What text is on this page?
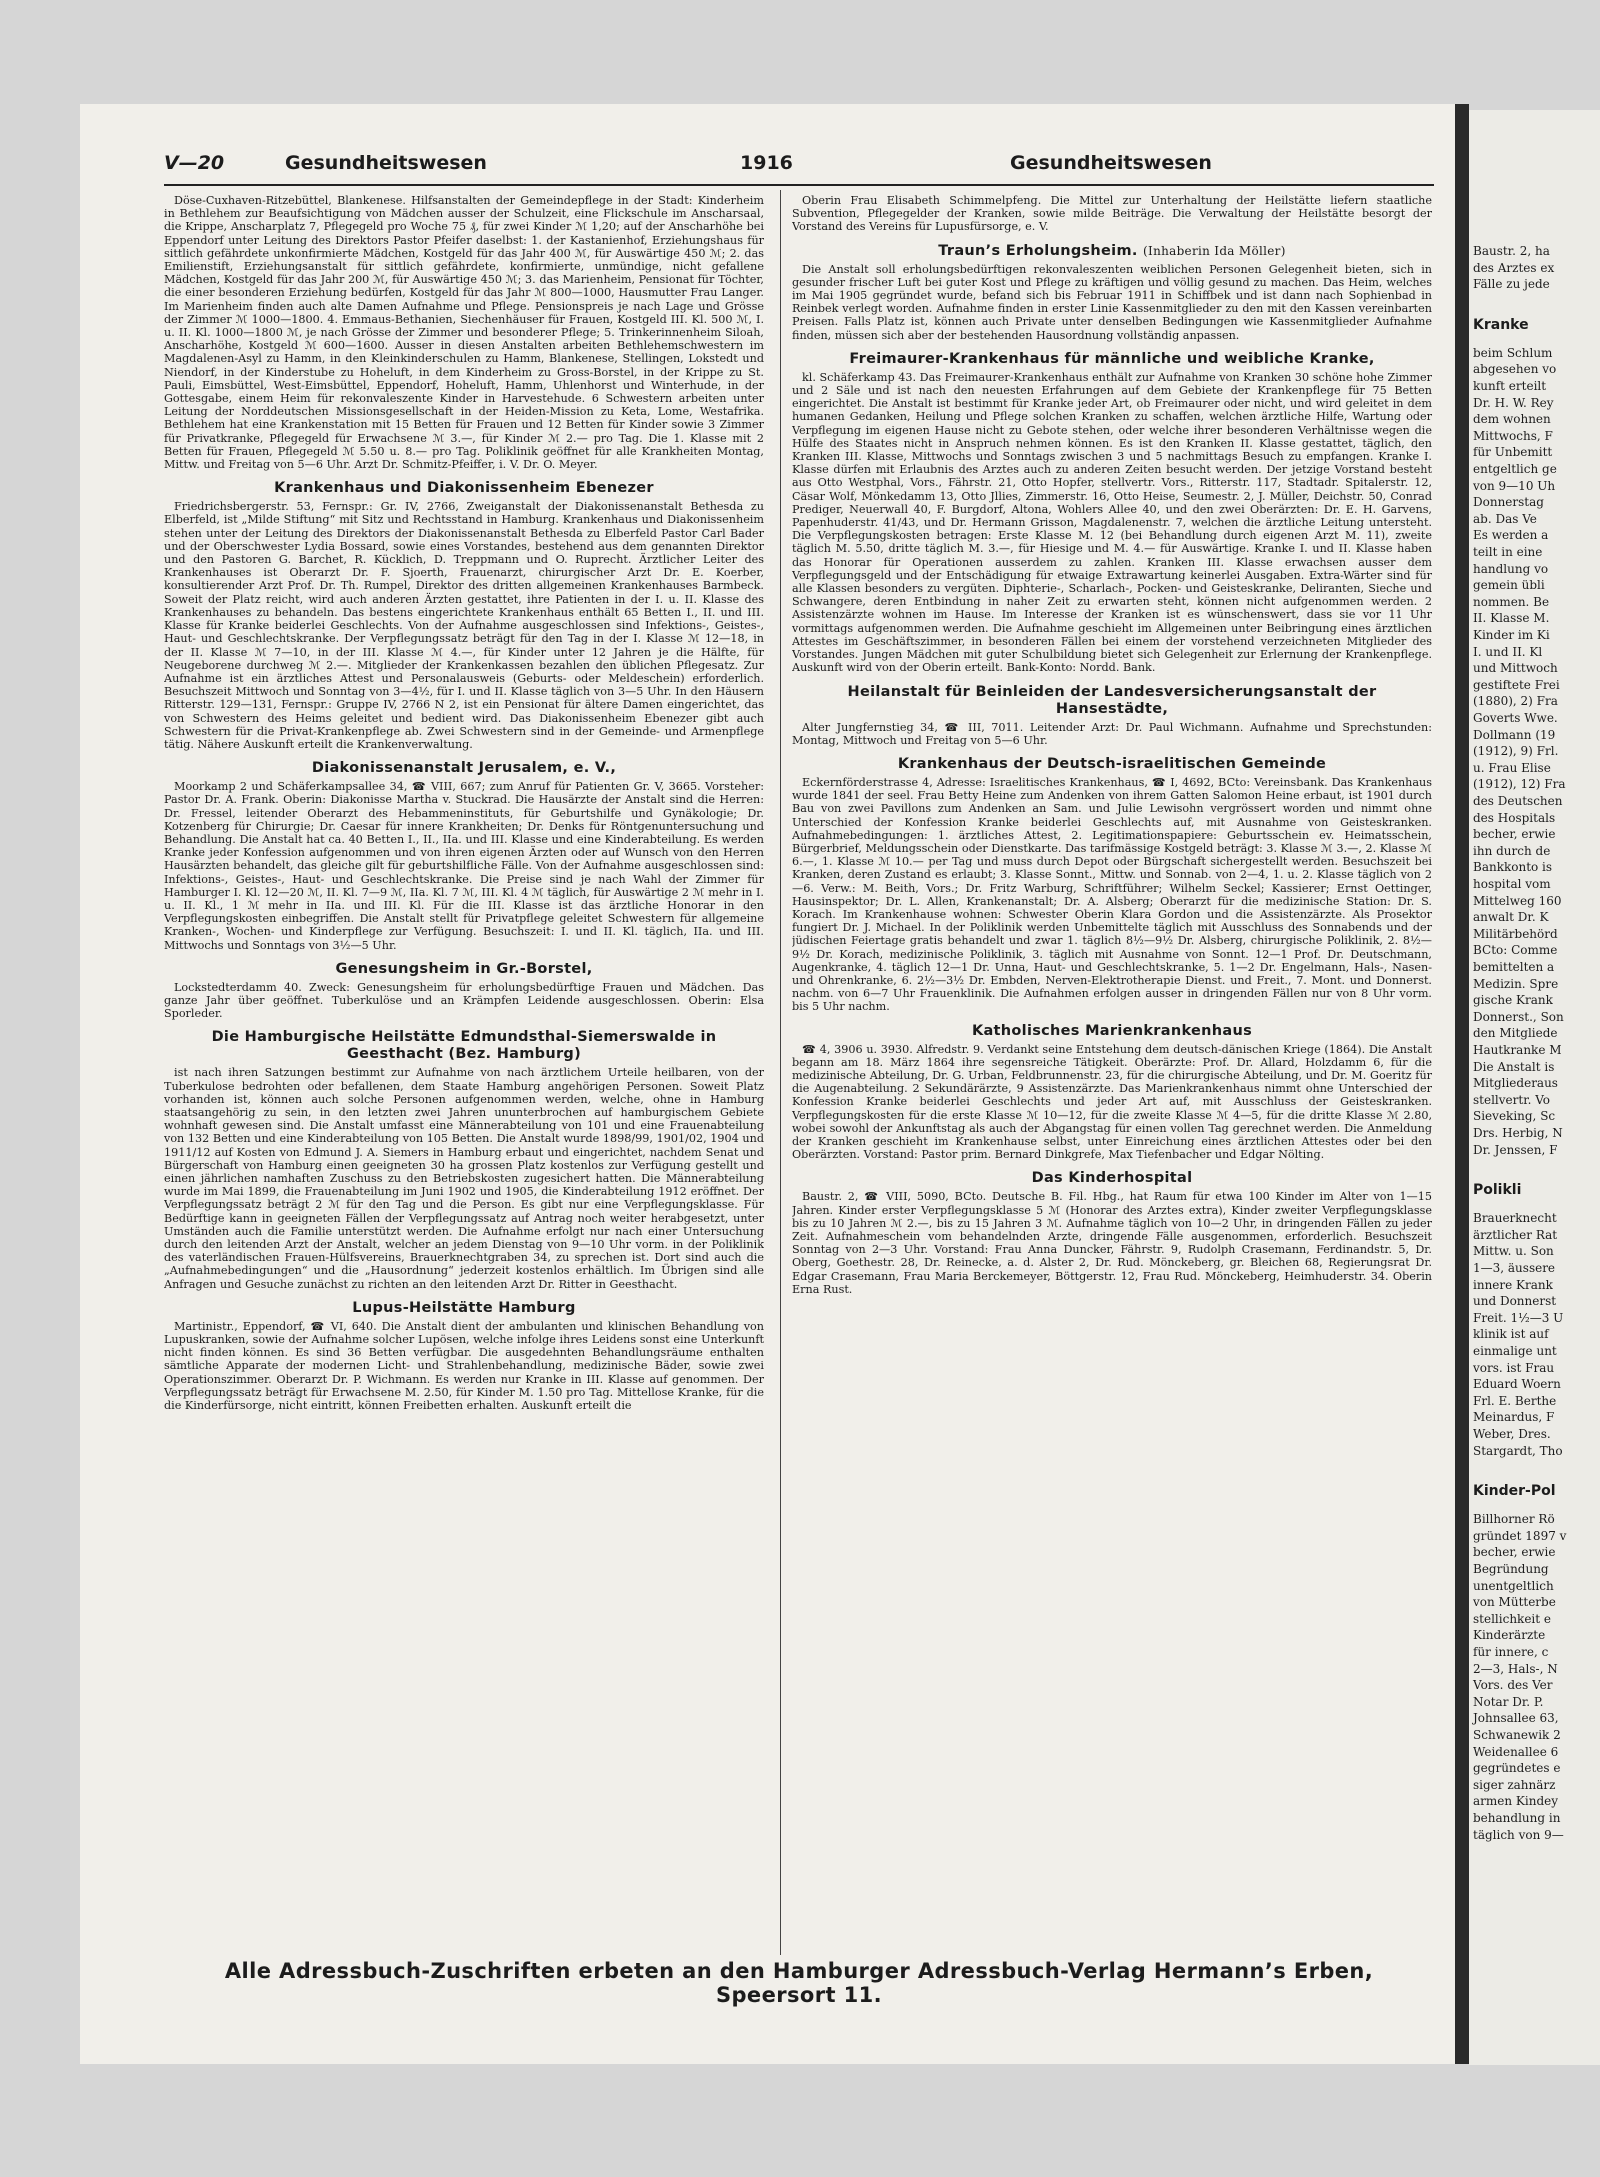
V—20	Gesundheitswesen	1916	Gesundheitswesen

Döse-Cuxhaven-Ritzebüttel, Blankenese. Hilfsanstalten der Gemeindepflege in der Stadt: Kinderheim in Bethlehem zur Beaufsichtigung von Mädchen ausser der Schulzeit, eine Flickschule im Anscharsaal, die Krippe, Anscharplatz 7, Pflegegeld pro Woche 75 ₰, für zwei Kinder ℳ 1,20; auf der Anscharhöhe bei Eppendorf unter Leitung des Direktors Pastor Pfeifer daselbst: 1. der Kastanienhof, Erziehungshaus für sittlich gefährdete unkonfirmierte Mädchen, Kostgeld für das Jahr 400 ℳ, für Auswärtige 450 ℳ; 2. das Emilienstift, Erziehungsanstalt für sittlich gefährdete, konfirmierte, unmündige, nicht gefallene Mädchen, Kostgeld für das Jahr 200 ℳ, für Auswärtige 450 ℳ; 3. das Marienheim, Pensionat für Töchter, die einer besonderen Erziehung bedürfen, Kostgeld für das Jahr ℳ 800—1000, Hausmutter Frau Langer. Im Marienheim finden auch alte Damen Aufnahme und Pflege. Pensionspreis je nach Lage und Grösse der Zimmer ℳ 1000—1800. 4. Emmaus-Bethanien, Siechenhäuser für Frauen, Kostgeld III. Kl. 500 ℳ, I. u. II. Kl. 1000—1800 ℳ, je nach Grösse der Zimmer und besonderer Pflege; 5. Trinkerinnenheim Siloah, Anscharhöhe, Kostgeld ℳ 600—1600. Ausser in diesen Anstalten arbeiten Bethlehemschwestern im Magdalenen-Asyl zu Hamm, in den Kleinkinderschulen zu Hamm, Blankenese, Stellingen, Lokstedt und Niendorf, in der Kinderstube zu Hoheluft, in dem Kinderheim zu Gross-Borstel, in der Krippe zu St. Pauli, Eimsbüttel, West-Eimsbüttel, Eppendorf, Hoheluft, Hamm, Uhlenhorst und Winterhude, in der Gottesgabe, einem Heim für rekonvaleszente Kinder in Harvestehude. 6 Schwestern arbeiten unter Leitung der Norddeutschen Missionsgesellschaft in der Heiden-Mission zu Keta, Lome, Westafrika. Bethlehem hat eine Krankenstation mit 15 Betten für Frauen und 12 Betten für Kinder sowie 3 Zimmer für Privatkranke, Pflegegeld für Erwachsene ℳ 3.—, für Kinder ℳ 2.— pro Tag. Die 1. Klasse mit 2 Betten für Frauen, Pflegegeld ℳ 5.50 u. 8.— pro Tag. Poliklinik geöffnet für alle Krankheiten Montag, Mittw. und Freitag von 5—6 Uhr. Arzt Dr. Schmitz-Pfeiffer, i. V. Dr. O. Meyer.

Krankenhaus und Diakonissenheim Ebenezer

Friedrichsbergerstr. 53, Fernspr.: Gr. IV, 2766, Zweiganstalt der Diakonissenanstalt Bethesda zu Elberfeld, ist „Milde Stiftung“ mit Sitz und Rechtsstand in Hamburg. Krankenhaus und Diakonissenheim stehen unter der Leitung des Direktors der Diakonissenanstalt Bethesda zu Elberfeld Pastor Carl Bader und der Oberschwester Lydia Bossard, sowie eines Vorstandes, bestehend aus dem genannten Direktor und den Pastoren G. Barchet, R. Kücklich, D. Treppmann und O. Ruprecht. Ärztlicher Leiter des Krankenhauses ist Oberarzt Dr. F. Sjoerth, Frauenarzt, chirurgischer Arzt Dr. E. Koerber, konsultierender Arzt Prof. Dr. Th. Rumpel, Direktor des dritten allgemeinen Krankenhauses Barmbeck. Soweit der Platz reicht, wird auch anderen Ärzten gestattet, ihre Patienten in der I. u. II. Klasse des Krankenhauses zu behandeln. Das bestens eingerichtete Krankenhaus enthält 65 Betten I., II. und III. Klasse für Kranke beiderlei Geschlechts. Von der Aufnahme ausgeschlossen sind Infektions-, Geistes-, Haut- und Geschlechtskranke. Der Verpflegungssatz beträgt für den Tag in der I. Klasse ℳ 12—18, in der II. Klasse ℳ 7—10, in der III. Klasse ℳ 4.—, für Kinder unter 12 Jahren je die Hälfte, für Neugeborene durchweg ℳ 2.—. Mitglieder der Krankenkassen bezahlen den üblichen Pflegesatz. Zur Aufnahme ist ein ärztliches Attest und Personalausweis (Geburts- oder Meldeschein) erforderlich. Besuchszeit Mittwoch und Sonntag von 3—4½, für I. und II. Klasse täglich von 3—5 Uhr. In den Häusern Ritterstr. 129—131, Fernspr.: Gruppe IV, 2766 N 2, ist ein Pensionat für ältere Damen eingerichtet, das von Schwestern des Heims geleitet und bedient wird. Das Diakonissenheim Ebenezer gibt auch Schwestern für die Privat-Krankenpflege ab. Zwei Schwestern sind in der Gemeinde- und Armenpflege tätig. Nähere Auskunft erteilt die Krankenverwaltung.

Diakonissenanstalt Jerusalem, e. V.,

Moorkamp 2 und Schäferkampsallee 34, ☎ VIII, 667; zum Anruf für Patienten Gr. V, 3665. Vorsteher: Pastor Dr. A. Frank. Oberin: Diakonisse Martha v. Stuckrad. Die Hausärzte der Anstalt sind die Herren: Dr. Fressel, leitender Oberarzt des Hebammeninstituts, für Geburtshilfe und Gynäkologie; Dr. Kotzenberg für Chirurgie; Dr. Caesar für innere Krankheiten; Dr. Denks für Röntgenuntersuchung und Behandlung. Die Anstalt hat ca. 40 Betten I., II., IIa. und III. Klasse und eine Kinderabteilung. Es werden Kranke jeder Konfession aufgenommen und von ihren eigenen Ärzten oder auf Wunsch von den Herren Hausärzten behandelt, das gleiche gilt für geburtshilfliche Fälle. Von der Aufnahme ausgeschlossen sind: Infektions-, Geistes-, Haut- und Geschlechtskranke. Die Preise sind je nach Wahl der Zimmer für Hamburger I. Kl. 12—20 ℳ, II. Kl. 7—9 ℳ, IIa. Kl. 7 ℳ, III. Kl. 4 ℳ täglich, für Auswärtige 2 ℳ mehr in I. u. II. Kl., 1 ℳ mehr in IIa. und III. Kl. Für die III. Klasse ist das ärztliche Honorar in den Verpflegungskosten einbegriffen. Die Anstalt stellt für Privatpflege geleitet Schwestern für allgemeine Kranken-, Wochen- und Kinderpflege zur Verfügung. Besuchszeit: I. und II. Kl. täglich, IIa. und III. Mittwochs und Sonntags von 3½—5 Uhr.

Genesungsheim in Gr.-Borstel,

Lockstedterdamm 40. Zweck: Genesungsheim für erholungsbedürftige Frauen und Mädchen. Das ganze Jahr über geöffnet. Tuberkulöse und an Krämpfen Leidende ausgeschlossen. Oberin: Elsa Sporleder.

Die Hamburgische Heilstätte Edmundsthal-Siemerswalde in Geesthacht (Bez. Hamburg)

ist nach ihren Satzungen bestimmt zur Aufnahme von nach ärztlichem Urteile heilbaren, von der Tuberkulose bedrohten oder befallenen, dem Staate Hamburg angehörigen Personen. Soweit Platz vorhanden ist, können auch solche Personen aufgenommen werden, welche, ohne in Hamburg staatsangehörig zu sein, in den letzten zwei Jahren ununterbrochen auf hamburgischem Gebiete wohnhaft gewesen sind. Die Anstalt umfasst eine Männerabteilung von 101 und eine Frauenabteilung von 132 Betten und eine Kinderabteilung von 105 Betten. Die Anstalt wurde 1898/99, 1901/02, 1904 und 1911/12 auf Kosten von Edmund J. A. Siemers in Hamburg erbaut und eingerichtet, nachdem Senat und Bürgerschaft von Hamburg einen geeigneten 30 ha grossen Platz kostenlos zur Verfügung gestellt und einen jährlichen namhaften Zuschuss zu den Betriebskosten zugesichert hatten. Die Männerabteilung wurde im Mai 1899, die Frauenabteilung im Juni 1902 und 1905, die Kinderabteilung 1912 eröffnet. Der Verpflegungssatz beträgt 2 ℳ für den Tag und die Person. Es gibt nur eine Verpflegungsklasse. Für Bedürftige kann in geeigneten Fällen der Verpflegungssatz auf Antrag noch weiter herabgesetzt, unter Umständen auch die Familie unterstützt werden. Die Aufnahme erfolgt nur nach einer Untersuchung durch den leitenden Arzt der Anstalt, welcher an jedem Dienstag von 9—10 Uhr vorm. in der Poliklinik des vaterländischen Frauen-Hülfsvereins, Brauerknechtgraben 34, zu sprechen ist. Dort sind auch die „Aufnahmebedingungen“ und die „Hausordnung“ jederzeit kostenlos erhältlich. Im Übrigen sind alle Anfragen und Gesuche zunächst zu richten an den leitenden Arzt Dr. Ritter in Geesthacht.

Lupus-Heilstätte Hamburg

Martinistr., Eppendorf, ☎ VI, 640. Die Anstalt dient der ambulanten und klinischen Behandlung von Lupuskranken, sowie der Aufnahme solcher Lupösen, welche infolge ihres Leidens sonst eine Unterkunft nicht finden können. Es sind 36 Betten verfügbar. Die ausgedehnten Behandlungsräume enthalten sämtliche Apparate der modernen Licht- und Strahlenbehandlung, medizinische Bäder, sowie zwei Operationszimmer. Oberarzt Dr. P. Wichmann. Es werden nur Kranke in III. Klasse auf genommen. Der Verpflegungssatz beträgt für Erwachsene M. 2.50, für Kinder M. 1.50 pro Tag. Mittellose Kranke, für die die Kinderfürsorge, nicht eintritt, können Freibetten erhalten. Auskunft erteilt die

Oberin Frau Elisabeth Schimmelpfeng. Die Mittel zur Unterhaltung der Heilstätte liefern staatliche Subvention, Pflegegelder der Kranken, sowie milde Beiträge. Die Verwaltung der Heilstätte besorgt der Vorstand des Vereins für Lupusfürsorge, e. V.

Traun’s Erholungsheim. (Inhaberin Ida Möller)

Die Anstalt soll erholungsbedürftigen rekonvaleszenten weiblichen Personen Gelegenheit bieten, sich in gesunder frischer Luft bei guter Kost und Pflege zu kräftigen und völlig gesund zu machen. Das Heim, welches im Mai 1905 gegründet wurde, befand sich bis Februar 1911 in Schiffbek und ist dann nach Sophienbad in Reinbek verlegt worden. Aufnahme finden in erster Linie Kassenmitglieder zu den mit den Kassen vereinbarten Preisen. Falls Platz ist, können auch Private unter denselben Bedingungen wie Kassenmitglieder Aufnahme finden, müssen sich aber der bestehenden Hausordnung vollständig anpassen.

Freimaurer-Krankenhaus für männliche und weibliche Kranke,

kl. Schäferkamp 43. Das Freimaurer-Krankenhaus enthält zur Aufnahme von Kranken 30 schöne hohe Zimmer und 2 Säle und ist nach den neuesten Erfahrungen auf dem Gebiete der Krankenpflege für 75 Betten eingerichtet. Die Anstalt ist bestimmt für Kranke jeder Art, ob Freimaurer oder nicht, und wird geleitet in dem humanen Gedanken, Heilung und Pflege solchen Kranken zu schaffen, welchen ärztliche Hilfe, Wartung oder Verpflegung im eigenen Hause nicht zu Gebote stehen, oder welche ihrer besonderen Verhältnisse wegen die Hülfe des Staates nicht in Anspruch nehmen können. Es ist den Kranken II. Klasse gestattet, täglich, den Kranken III. Klasse, Mittwochs und Sonntags zwischen 3 und 5 nachmittags Besuch zu empfangen. Kranke I. Klasse dürfen mit Erlaubnis des Arztes auch zu anderen Zeiten besucht werden. Der jetzige Vorstand besteht aus Otto Westphal, Vors., Fährstr. 21, Otto Hopfer, stellvertr. Vors., Ritterstr. 117, Stadtadr. Spitalerstr. 12, Cäsar Wolf, Mönkedamm 13, Otto Jllies, Zimmerstr. 16, Otto Heise, Seumestr. 2, J. Müller, Deichstr. 50, Conrad Prediger, Neuerwall 40, F. Burgdorf, Altona, Wohlers Allee 40, und den zwei Oberärzten: Dr. E. H. Garvens, Papenhuderstr. 41/43, und Dr. Hermann Grisson, Magdalenenstr. 7, welchen die ärztliche Leitung untersteht. Die Verpflegungskosten betragen: Erste Klasse M. 12 (bei Behandlung durch eigenen Arzt M. 11), zweite täglich M. 5.50, dritte täglich M. 3.—, für Hiesige und M. 4.— für Auswärtige. Kranke I. und II. Klasse haben das Honorar für Operationen ausserdem zu zahlen. Kranken III. Klasse erwachsen ausser dem Verpflegungsgeld und der Entschädigung für etwaige Extrawartung keinerlei Ausgaben. Extra-Wärter sind für alle Klassen besonders zu vergüten. Diphterie-, Scharlach-, Pocken- und Geisteskranke, Deliranten, Sieche und Schwangere, deren Entbindung in naher Zeit zu erwarten steht, können nicht aufgenommen werden. 2 Assistenzärzte wohnen im Hause. Im Interesse der Kranken ist es wünschenswert, dass sie vor 11 Uhr vormittags aufgenommen werden. Die Aufnahme geschieht im Allgemeinen unter Beibringung eines ärztlichen Attestes im Geschäftszimmer, in besonderen Fällen bei einem der vorstehend verzeichneten Mitglieder des Vorstandes. Jungen Mädchen mit guter Schulbildung bietet sich Gelegenheit zur Erlernung der Krankenpflege. Auskunft wird von der Oberin erteilt. Bank-Konto: Nordd. Bank.

Heilanstalt für Beinleiden der Landesversicherungsanstalt der Hansestädte,

Alter Jungfernstieg 34, ☎ III, 7011. Leitender Arzt: Dr. Paul Wichmann. Aufnahme und Sprechstunden: Montag, Mittwoch und Freitag von 5—6 Uhr.

Krankenhaus der Deutsch-israelitischen Gemeinde

Eckernförderstrasse 4, Adresse: Israelitisches Krankenhaus, ☎ I, 4692, BCto: Vereinsbank. Das Krankenhaus wurde 1841 der seel. Frau Betty Heine zum Andenken von ihrem Gatten Salomon Heine erbaut, ist 1901 durch Bau von zwei Pavillons zum Andenken an Sam. und Julie Lewisohn vergrössert worden und nimmt ohne Unterschied der Konfession Kranke beiderlei Geschlechts auf, mit Ausnahme von Geisteskranken. Aufnahmebedingungen: 1. ärztliches Attest, 2. Legitimationspapiere: Geburtsschein ev. Heimatsschein, Bürgerbrief, Meldungsschein oder Dienstkarte. Das tarifmässige Kostgeld beträgt: 3. Klasse ℳ 3.—, 2. Klasse ℳ 6.—, 1. Klasse ℳ 10.— per Tag und muss durch Depot oder Bürgschaft sichergestellt werden. Besuchszeit bei Kranken, deren Zustand es erlaubt; 3. Klasse Sonnt., Mittw. und Sonnab. von 2—4, 1. u. 2. Klasse täglich von 2—6. Verw.: M. Beith, Vors.; Dr. Fritz Warburg, Schriftführer; Wilhelm Seckel; Kassierer; Ernst Oettinger, Hausinspektor; Dr. L. Allen, Krankenanstalt; Dr. A. Alsberg; Oberarzt für die medizinische Station: Dr. S. Korach. Im Krankenhause wohnen: Schwester Oberin Klara Gordon und die Assistenzärzte. Als Prosektor fungiert Dr. J. Michael. In der Poliklinik werden Unbemittelte täglich mit Ausschluss des Sonnabends und der jüdischen Feiertage gratis behandelt und zwar 1. täglich 8½—9½ Dr. Alsberg, chirurgische Poliklinik, 2. 8½—9½ Dr. Korach, medizinische Poliklinik, 3. täglich mit Ausnahme von Sonnt. 12—1 Prof. Dr. Deutschmann, Augenkranke, 4. täglich 12—1 Dr. Unna, Haut- und Geschlechtskranke, 5. 1—2 Dr. Engelmann, Hals-, Nasen- und Ohrenkranke, 6. 2½—3½ Dr. Embden, Nerven-Elektrotherapie Dienst. und Freit., 7. Mont. und Donnerst. nachm. von 6—7 Uhr Frauenklinik. Die Aufnahmen erfolgen ausser in dringenden Fällen nur von 8 Uhr vorm. bis 5 Uhr nachm.

Katholisches Marienkrankenhaus

☎ 4, 3906 u. 3930. Alfredstr. 9. Verdankt seine Entstehung dem deutsch-dänischen Kriege (1864). Die Anstalt begann am 18. März 1864 ihre segensreiche Tätigkeit. Oberärzte: Prof. Dr. Allard, Holzdamm 6, für die medizinische Abteilung, Dr. G. Urban, Feldbrunnenstr. 23, für die chirurgische Abteilung, und Dr. M. Goeritz für die Augenabteilung. 2 Sekundärärzte, 9 Assistenzärzte. Das Marienkrankenhaus nimmt ohne Unterschied der Konfession Kranke beiderlei Geschlechts und jeder Art auf, mit Ausschluss der Geisteskranken. Verpflegungskosten für die erste Klasse ℳ 10—12, für die zweite Klasse ℳ 4—5, für die dritte Klasse ℳ 2.80, wobei sowohl der Ankunftstag als auch der Abgangstag für einen vollen Tag gerechnet werden. Die Anmeldung der Kranken geschieht im Krankenhause selbst, unter Einreichung eines ärztlichen Attestes oder bei den Oberärzten. Vorstand: Pastor prim. Bernard Dinkgrefe, Max Tiefenbacher und Edgar Nölting.

Das Kinderhospital

Baustr. 2, ☎ VIII, 5090, BCto. Deutsche B. Fil. Hbg., hat Raum für etwa 100 Kinder im Alter von 1—15 Jahren. Kinder erster Verpflegungsklasse 5 ℳ (Honorar des Arztes extra), Kinder zweiter Verpflegungsklasse bis zu 10 Jahren ℳ 2.—, bis zu 15 Jahren 3 ℳ. Aufnahme täglich von 10—2 Uhr, in dringenden Fällen zu jeder Zeit. Aufnahmeschein vom behandelnden Arzte, dringende Fälle ausgenommen, erforderlich. Besuchszeit Sonntag von 2—3 Uhr. Vorstand: Frau Anna Duncker, Fährstr. 9, Rudolph Crasemann, Ferdinandstr. 5, Dr. Oberg, Goethestr. 28, Dr. Reinecke, a. d. Alster 2, Dr. Rud. Mönckeberg, gr. Bleichen 68, Regierungsrat Dr. Edgar Crasemann, Frau Maria Berckemeyer, Böttgerstr. 12, Frau Rud. Mönckeberg, Heimhuderstr. 34. Oberin Erna Rust.

Alle Adressbuch-Zuschriften erbeten an den Hamburger Adressbuch-Verlag Hermann’s Erben, Speersort 11.
Baustr. 2, ha
des Arztes ex
Fälle zu jede
Kranke
beim Schlum
abgesehen vo
kunft erteilt
Dr. H. W. Rey
dem wohnen
Mittwochs, F
für Unbemitt
entgeltlich ge
von 9—10 Uh
Donnerstag
ab. Das Ve
Es werden a
teilt in eine
handlung vo
gemein übli
nommen. Be
II. Klasse M.
Kinder im Ki
I. und II. Kl
und Mittwoch
gestiftete Frei
(1880), 2) Fra
Goverts Wwe.
Dollmann (19
(1912), 9) Frl.
u. Frau Elise
(1912), 12) Fra
des Deutschen
des Hospitals
becher, erwie
ihn durch de
Bankkonto is
hospital vom
Mittelweg 160
anwalt Dr. K
Militärbehörd
BCto: Comme
bemittelten a
Medizin. Spre
gische Krank
Donnerst., Son
den Mitgliede
Hautkranke M
Die Anstalt is
Mitgliederaus
stellvertr. Vo
Sieveking, Sc
Drs. Herbig, N
Dr. Jenssen, F
Polikli
Brauerknecht
ärztlicher Rat
Mittw. u. Son
1—3, äussere
innere Krank
und Donnerst
Freit. 1½—3 U
klinik ist auf
einmalige unt
vors. ist Frau
Eduard Woern
Frl. E. Berthe
Meinardus, F
Weber, Dres.
Stargardt, Tho
Kinder-Pol
Billhorner Rö
gründet 1897 v
becher, erwie
Begründung
unentgeltlich
von Mütterbe
stellichkeit e
Kinderärzte
für innere, c
2—3, Hals-, N
Vors. des Ver
Notar Dr. P.
Johnsallee 63,
Schwanewik 2
Weidenallee 6
gegründetes e
siger zahnärz
armen Kindey
behandlung in
täglich von 9—
